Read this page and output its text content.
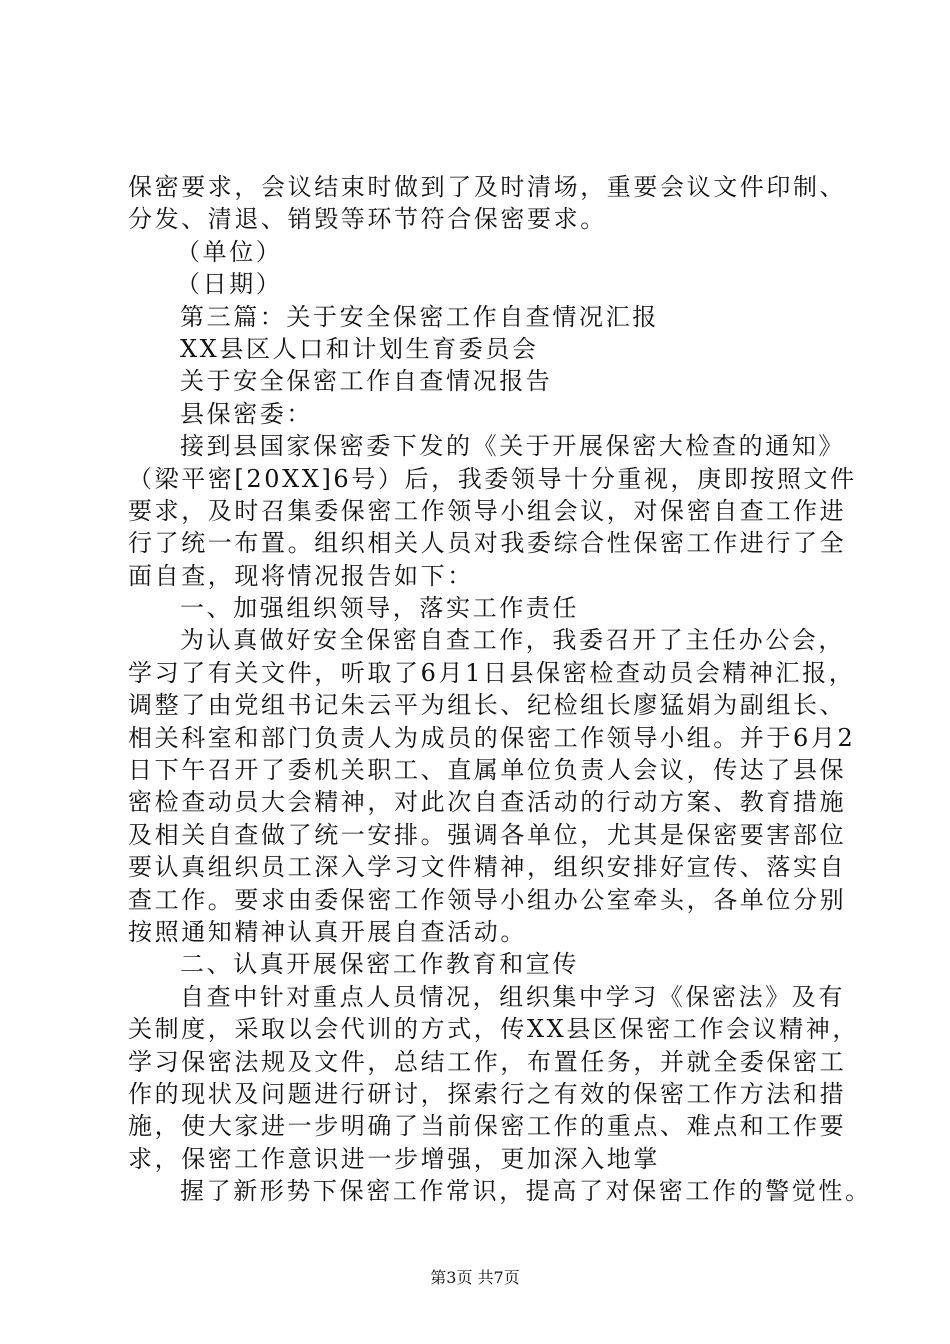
保密要求，会议结束时做到了及时清场，重要会议文件印制、
分发、清退、销毁等环节符合保密要求。
（单位）
（日期）
第三篇：关于安全保密工作自查情况汇报
XX县区人口和计划生育委员会
关于安全保密工作自查情况报告
县保密委：
接到县国家保密委下发的《关于开展保密大检查的通知》
（梁平密[20XX]6号）后，我委领导十分重视，庚即按照文件
要求，及时召集委保密工作领导小组会议，对保密自查工作进
行了统一布置。组织相关人员对我委综合性保密工作进行了全
面自查，现将情况报告如下：
一、加强组织领导，落实工作责任
为认真做好安全保密自查工作，我委召开了主任办公会，
学习了有关文件，听取了6月1日县保密检查动员会精神汇报，
调整了由党组书记朱云平为组长、纪检组长廖猛娟为副组长、
相关科室和部门负责人为成员的保密工作领导小组。并于6月2
日下午召开了委机关职工、直属单位负责人会议，传达了县保
密检查动员大会精神，对此次自查活动的行动方案、教育措施
及相关自查做了统一安排。强调各单位，尤其是保密要害部位
要认真组织员工深入学习文件精神，组织安排好宣传、落实自
查工作。要求由委保密工作领导小组办公室牵头，各单位分别
按照通知精神认真开展自查活动。
二、认真开展保密工作教育和宣传
自查中针对重点人员情况，组织集中学习《保密法》及有
关制度，采取以会代训的方式，传XX县区保密工作会议精神，
学习保密法规及文件，总结工作，布置任务，并就全委保密工
作的现状及问题进行研讨，探索行之有效的保密工作方法和措
施，使大家进一步明确了当前保密工作的重点、难点和工作要
求，保密工作意识进一步增强，更加深入地掌
握了新形势下保密工作常识，提高了对保密工作的警觉性。
第3页 共7页
